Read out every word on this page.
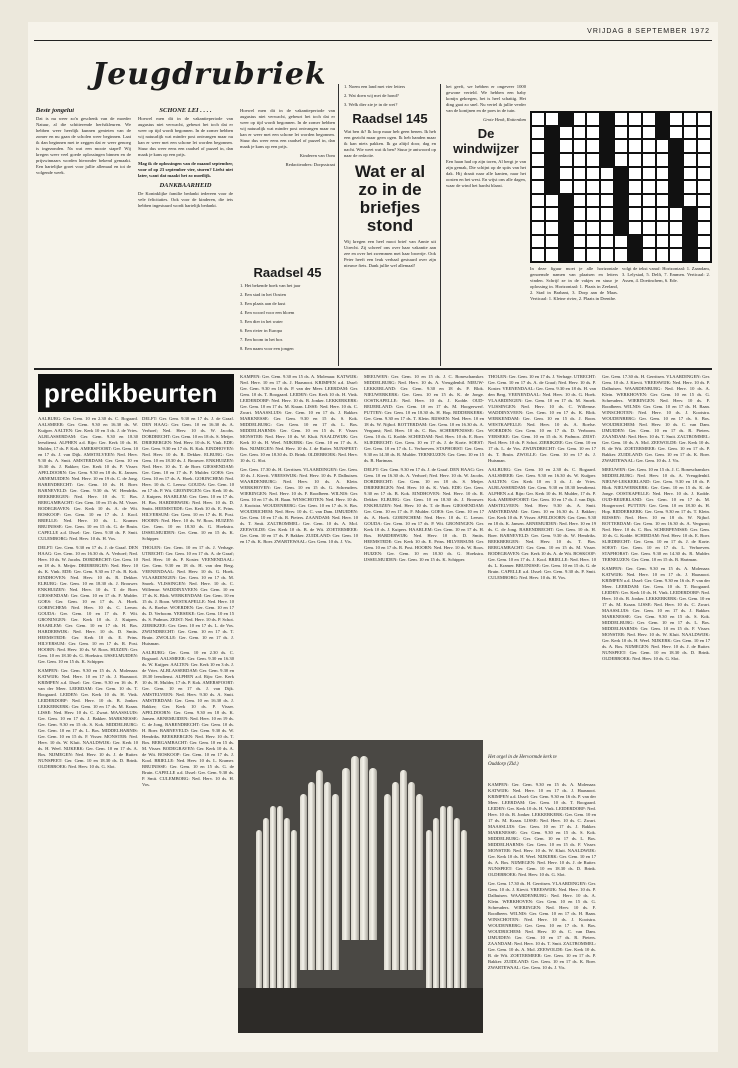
VRIJDAG 8 SEPTEMBER 1972
Jeugdrubriek
Beste jongelui

Dat is nu weer zo'n geschenk van de moeder Natuur, al die schitterende herfstkleuren. We hebben weer heerlijk kunnen genieten van de zomer en nu gaan de scholen weer beginnen. Laat ik dan beginnen met te zeggen dat er weer genoeg is ingezonden. Na wat een mooie stapel! Wij kregen weer veel goede oplossingen binnen en de prijswinnaars worden hieronder bekend gemaakt. Een hartelijke groet voor jullie allemaal en tot de volgende week.

SCHONE LEI . . . .

Hoewel men dit in de vakantieperiode van augustus niet verwacht, gebeurt het toch dat er weer op tijd wordt begonnen. In de zomer hebben wij natuurlijk wat minder post ontvangen maar nu kan er weer met een schone lei worden begonnen. Stuur dus weer eens een raadsel of puzzel in, dan maak je kans op een prijs.

Mag ik de oplossingen van de maand september, voor of op 23 september vier, sturen? Liefst niet later, want dat maakt het zo moeilijk.

DANKBAARHEID

De Koninklijke familie bedankt iedereen voor de vele felicitaties. Ook voor de kinderen, die iets hebben ingestuurd wordt hartelijk bedankt.

Hoewel men dit in de vakantieperiode van augustus niet verwacht, gebeurt het toch dat er weer op tijd wordt begonnen. In de zomer hebben wij natuurlijk wat minder post ontvangen maar nu kan er weer met een schone lei worden begonnen. Stuur dus weer eens een raadsel of puzzel in, dan maak je kans op een prijs.

Kinderen van Oom

Redactieadres: Dorpsstraat

Raadsel 45

1. Het bekende boek van het jaar

2. Een stad in het Oosten

3. Een plaats aan de kust

4. Een woord voor een bloem

5. Een dier in het water

6. Een rivier in Europa

7. Een boom in het bos

8. Een naam voor een jongen

1. Noem een land met vier letters

2. Wat doen wij met de hond?

3. Welk dier zie je in de wei?

Raadsel 145

Wat ben ik? Ik loop maar heb geen benen. Ik heb een gezicht maar geen ogen. Ik heb handen maar ik kan niets pakken. Ik ga altijd door, dag en nacht. Wie weet wat ik ben? Stuur je antwoord op naar de redactie.

Wat er al zo in de briefjes stond

Wij kregen een heel mooi brief van Annie uit Utrecht. Zij schreef ons over haar vakantie aan zee en over het zwemmen met haar broertje. Ook Peter heeft een leuk verhaal gestuurd over zijn nieuwe fiets. Dank jullie wel allemaal!

het geeft, we hebben er ongeveer 1000 gewone verteld. We hebben een baby konijn gekregen, het is heel schattig. Het ding gaat zo snel. Nu vertel ik jullie verder van de konijnen en de poes in de tuin.

Grote Henk, Rotterdam

De windwijzer

Een haan had op zijn toren, Al bergt je van zijn gemak, Die schijnt op de spits van het dak. Hij draait naar alle kanten, naar het oosten en het west. En wijst ons alle dagen, waar de wind het hardst blaast.

In deze figuur moet je alle horizontale genoemde namen van plaatsen en letters vinden. Schrijf ze in de vakjes en stuur je oplossing in. Horizontaal: 1. Plaats in Zeeland, 2. Stad in Brabant, 3. Dorp aan de Maas. Verticaal: 1. Kleine rivier, 2. Plaats in Drenthe.

volgt de tekst vanaf: Horizontaal: 1. Zaandam, 3. Lelystad, 5. Delft, 7. Emmen. Verticaal: 2. Assen, 4. Doetinchem, 6. Ede.

predikbeurten

AALBURG: Ger. Gem. 10 en 2.30 ds. C. Bogaard. AALSMEER: Ger. Gem. 9.30 en 16.30 ds. W. Kuijper. AALTEN: Ger. Kerk 10 en 3 ds. J. de Vries. ALBLASSERDAM: Ger. Gem. 9.30 en 18.30 leesdienst. ALPHEN a.d. Rijn: Ger. Kerk 10 ds. H. Mulder, 17 ds. P. Kok. AMERSFOORT: Ger. Gem. 10 en 17 ds. J. van Dijk. AMSTELVEEN: Ned. Herv. 9.30 ds. A. Smit. AMSTERDAM: Ger. Gem. 10 en 16.30 ds. J. Bakker; Ger. Kerk 10 ds. P. Visser. APELDOORN: Ger. Gem. 9.30 en 18 ds. K. Jansen. ARNEMUIDEN: Ned. Herv. 10 en 19 ds. C. de Jong. BARENDRECHT: Ger. Gem. 10 ds. H. Boer. BARNEVELD: Ger. Gem. 9.30 ds. W. Hendriks. BEEKBERGEN: Ned. Herv. 10 ds. T. Bos. BERGAMBACHT: Ger. Gem. 10 en 15 ds. M. Visser. BODEGRAVEN: Ger. Kerk 10 ds. A. de Wit. BOSKOOP: Ger. Gem. 10 en 17 ds. J. Kool. BRIELLE: Ned. Herv. 10 ds. L. Kramer. BRUINISSE: Ger. Gem. 10 en 15 ds. G. de Bruin. CAPELLE a.d. IJssel: Ger. Gem. 9.30 ds. P. Smit. CULEMBORG: Ned. Herv. 10 ds. H. Vos.

DELFT: Ger. Gem. 9.30 en 17 ds. J. de Graaf. DEN HAAG: Ger. Gem. 10 en 16.30 ds. A. Verhoef; Ned. Herv. 10 ds. W. Jacobs. DORDRECHT: Ger. Gem. 10 en 18 ds. S. Meijer. DRIEBERGEN: Ned. Herv. 10 ds. K. Vink. EDE: Ger. Gem. 9.30 en 17 ds. B. Kok. EINDHOVEN: Ned. Herv. 10 ds. R. Dekker. ELBURG: Ger. Gem. 10 en 18.30 ds. J. Brouwer. ENKHUIZEN: Ned. Herv. 10 ds. T. de Boer. GIESSENDAM: Ger. Gem. 10 en 17 ds. F. Mulder. GOES: Ger. Gem. 10 en 17 ds. A. Hoek. GORINCHEM: Ned. Herv. 10 ds. C. Leeuw. GOUDA: Ger. Gem. 10 en 17 ds. P. Wit. GRONINGEN: Ger. Kerk 10 ds. J. Kuipers. HAARLEM: Ger. Gem. 10 en 17 ds. H. Bos. HARDERWIJK: Ned. Herv. 10 ds. D. Smits. HEEMSTEDE: Ger. Kerk 10 ds. E. Prins. HILVERSUM: Ger. Gem. 10 en 17 ds. R. Post. HOORN: Ned. Herv. 10 ds. W. Roos. HUIZEN: Ger. Gem. 10 en 18.30 ds. G. Hoekstra. IJSSELMUIDEN: Ger. Gem. 10 en 15 ds. K. Schipper.

KAMPEN: Ger. Gem. 9.30 en 15 ds. A. Molenaar. KATWIJK: Ned. Herv. 10 en 17 ds. J. Haasnoot. KRIMPEN a.d. IJssel: Ger. Gem. 9.30 en 16 ds. P. van der Meer. LEERDAM: Ger. Gem. 10 ds. T. Boogaard. LEIDEN: Ger. Kerk 10 ds. H. Vink. LEIDERDORP: Ned. Herv. 10 ds. B. Jonker. LEKKERKERK: Ger. Gem. 10 en 17 ds. M. Kraan. LISSE: Ned. Herv. 10 ds. C. Zwart. MAASSLUIS: Ger. Gem. 10 en 17 ds. J. Bakker. MARKNESSE: Ger. Gem. 9.30 en 15 ds. S. Kok. MIDDELBURG: Ger. Gem. 10 en 17 ds. L. Bos. MIDDELHARNIS: Ger. Gem. 10 en 15 ds. F. Visser. MONSTER: Ned. Herv. 10 ds. W. Kluit. NAALDWIJK: Ger. Kerk 10 ds. H. Weel. NIJKERK: Ger. Gem. 10 en 17 ds. A. Bos. NIJMEGEN: Ned. Herv. 10 ds. J. de Ruiter. NUNSPEET: Ger. Gem. 10 en 18.30 ds. D. Brink. OLDEBROEK: Ned. Herv. 10 ds. G. Slot.

DELFT: Ger. Gem. 9.30 en 17 ds. J. de Graaf. DEN HAAG: Ger. Gem. 10 en 16.30 ds. A. Verhoef; Ned. Herv. 10 ds. W. Jacobs. DORDRECHT: Ger. Gem. 10 en 18 ds. S. Meijer. DRIEBERGEN: Ned. Herv. 10 ds. K. Vink. EDE: Ger. Gem. 9.30 en 17 ds. B. Kok. EINDHOVEN: Ned. Herv. 10 ds. R. Dekker. ELBURG: Ger. Gem. 10 en 18.30 ds. J. Brouwer. ENKHUIZEN: Ned. Herv. 10 ds. T. de Boer. GIESSENDAM: Ger. Gem. 10 en 17 ds. F. Mulder. GOES: Ger. Gem. 10 en 17 ds. A. Hoek. GORINCHEM: Ned. Herv. 10 ds. C. Leeuw. GOUDA: Ger. Gem. 10 en 17 ds. P. Wit. GRONINGEN: Ger. Kerk 10 ds. J. Kuipers. HAARLEM: Ger. Gem. 10 en 17 ds. H. Bos. HARDERWIJK: Ned. Herv. 10 ds. D. Smits. HEEMSTEDE: Ger. Kerk 10 ds. E. Prins. HILVERSUM: Ger. Gem. 10 en 17 ds. R. Post. HOORN: Ned. Herv. 10 ds. W. Roos. HUIZEN: Ger. Gem. 10 en 18.30 ds. G. Hoekstra. IJSSELMUIDEN: Ger. Gem. 10 en 15 ds. K. Schipper.

THOLEN: Ger. Gem. 10 en 17 ds. J. Verhage. UTRECHT: Ger. Gem. 10 en 17 ds. A. de Graaf; Ned. Herv. 10 ds. P. Koster. VEENENDAAL: Ger. Gem. 9.30 en 18 ds. H. van den Berg. VEENENDAAL: Ned. Herv. 10 ds. G. Hoek. VLAARDINGEN: Ger. Gem. 10 en 17 ds. M. Snoek. VLISSINGEN: Ned. Herv. 10 ds. C. Willemse. WADDINXVEEN: Ger. Gem. 10 en 17 ds. K. Blok. WERKENDAM: Ger. Gem. 10 en 15 ds. J. Boon. WESTKAPELLE: Ned. Herv. 10 ds. A. Roelse. WOERDEN: Ger. Gem. 10 en 17 ds. D. Verboom. YERSEKE: Ger. Gem. 10 en 15 ds. S. Padmos. ZEIST: Ned. Herv. 10 ds. P. Schot. ZIERIKZEE: Ger. Gem. 10 en 17 ds. L. de Vos. ZWIJNDRECHT: Ger. Gem. 10 en 17 ds. T. Bruin. ZWOLLE: Ger. Gem. 10 en 17 ds. J. Huisman.

AALBURG: Ger. Gem. 10 en 2.30 ds. C. Bogaard. AALSMEER: Ger. Gem. 9.30 en 16.30 ds. W. Kuijper. AALTEN: Ger. Kerk 10 en 3 ds. J. de Vries. ALBLASSERDAM: Ger. Gem. 9.30 en 18.30 leesdienst. ALPHEN a.d. Rijn: Ger. Kerk 10 ds. H. Mulder, 17 ds. P. Kok. AMERSFOORT: Ger. Gem. 10 en 17 ds. J. van Dijk. AMSTELVEEN: Ned. Herv. 9.30 ds. A. Smit. AMSTERDAM: Ger. Gem. 10 en 16.30 ds. J. Bakker; Ger. Kerk 10 ds. P. Visser. APELDOORN: Ger. Gem. 9.30 en 18 ds. K. Jansen. ARNEMUIDEN: Ned. Herv. 10 en 19 ds. C. de Jong. BARENDRECHT: Ger. Gem. 10 ds. H. Boer. BARNEVELD: Ger. Gem. 9.30 ds. W. Hendriks. BEEKBERGEN: Ned. Herv. 10 ds. T. Bos. BERGAMBACHT: Ger. Gem. 10 en 15 ds. M. Visser. BODEGRAVEN: Ger. Kerk 10 ds. A. de Wit. BOSKOOP: Ger. Gem. 10 en 17 ds. J. Kool. BRIELLE: Ned. Herv. 10 ds. L. Kramer. BRUINISSE: Ger. Gem. 10 en 15 ds. G. de Bruin. CAPELLE a.d. IJssel: Ger. Gem. 9.30 ds. P. Smit. CULEMBORG: Ned. Herv. 10 ds. H. Vos.

KAMPEN: Ger. Gem. 9.30 en 15 ds. A. Molenaar. KATWIJK: Ned. Herv. 10 en 17 ds. J. Haasnoot. KRIMPEN a.d. IJssel: Ger. Gem. 9.30 en 16 ds. P. van der Meer. LEERDAM: Ger. Gem. 10 ds. T. Boogaard. LEIDEN: Ger. Kerk 10 ds. H. Vink. LEIDERDORP: Ned. Herv. 10 ds. B. Jonker. LEKKERKERK: Ger. Gem. 10 en 17 ds. M. Kraan. LISSE: Ned. Herv. 10 ds. C. Zwart. MAASSLUIS: Ger. Gem. 10 en 17 ds. J. Bakker. MARKNESSE: Ger. Gem. 9.30 en 15 ds. S. Kok. MIDDELBURG: Ger. Gem. 10 en 17 ds. L. Bos. MIDDELHARNIS: Ger. Gem. 10 en 15 ds. F. Visser. MONSTER: Ned. Herv. 10 ds. W. Kluit. NAALDWIJK: Ger. Kerk 10 ds. H. Weel. NIJKERK: Ger. Gem. 10 en 17 ds. A. Bos. NIJMEGEN: Ned. Herv. 10 ds. J. de Ruiter. NUNSPEET: Ger. Gem. 10 en 18.30 ds. D. Brink. OLDEBROEK: Ned. Herv. 10 ds. G. Slot.

Ger. Gem. 17.30 ds. H. Gerritsen. VLAARDINGEN: Ger. Gem. 10 ds. J. Kievit. VREESWIJK: Ned. Herv. 10 ds. P. Dalhuisen. WAARDENBURG: Ned. Herv. 10 ds. A. Klein. WERKHOVEN: Ger. Gem. 10 en 15 ds. G. Schreuders. WIERINGEN: Ned. Herv. 10 ds. F. Roodbeen. WILNIS: Ger. Gem. 10 en 17 ds. H. Baan. WINSCHOTEN: Ned. Herv. 10 ds. J. Kooistra. WOUDENBERG: Ger. Gem. 10 en 17 ds. S. Bos. WOUDRICHEM: Ned. Herv. 10 ds. C. van Dam. IJMUIDEN: Ger. Gem. 10 en 17 ds. R. Pieters. ZAANDAM: Ned. Herv. 10 ds. T. Smit. ZALTBOMMEL: Ger. Gem. 10 ds. A. Mol. ZEEWOLDE: Ger. Kerk 10 ds. B. de Wit. ZOETERMEER: Ger. Gem. 10 en 17 ds. P. Bakker. ZUIDLAND: Ger. Gem. 10 en 17 ds. K. Boer. ZWARTEWAAL: Ger. Gem. 10 ds. J. Vis.

MEEUWEN: Ger. Gem. 10 en 15 ds. J. C. Boneschansker. MIDDELBURG: Ned. Herv. 10 ds. A. Vreugdenhil. NIEUW-LEKKERLAND: Ger. Gem. 9.30 en 18 ds. P. Blok. NIEUWERKERK: Ger. Gem. 10 en 15 ds. K. de Jonge. OOSTKAPELLE: Ned. Herv. 10 ds. J. Kodde. OUD-BEIJERLAND: Ger. Gem. 10 en 17 ds. M. Hoogerwerf. PUTTEN: Ger. Gem. 10 en 18.30 ds. H. Hop. RIDDERKERK: Ger. Gem. 9.30 en 17 ds. T. Klein. RIJSSEN: Ned. Herv. 10 en 18 ds. W. Nijhof. ROTTERDAM: Ger. Gem. 10 en 16.30 ds. A. Vergunst; Ned. Herv. 10 ds. C. Bos. SCHERPENISSE: Ger. Gem. 10 ds. G. Kodde. SCHIEDAM: Ned. Herv. 10 ds. E. Boer. SLIEDRECHT: Ger. Gem. 10 en 17 ds. J. de Korte. SOEST: Ger. Gem. 10 en 17 ds. L. Verhoeven. STAPHORST: Ger. Gem. 9.30 en 14.30 ds. R. Mulder. TERNEUZEN: Ger. Gem. 10 en 15 ds. B. Hartman.

DELFT: Ger. Gem. 9.30 en 17 ds. J. de Graaf. DEN HAAG: Ger. Gem. 10 en 16.30 ds. A. Verhoef; Ned. Herv. 10 ds. W. Jacobs. DORDRECHT: Ger. Gem. 10 en 18 ds. S. Meijer. DRIEBERGEN: Ned. Herv. 10 ds. K. Vink. EDE: Ger. Gem. 9.30 en 17 ds. B. Kok. EINDHOVEN: Ned. Herv. 10 ds. R. Dekker. ELBURG: Ger. Gem. 10 en 18.30 ds. J. Brouwer. ENKHUIZEN: Ned. Herv. 10 ds. T. de Boer. GIESSENDAM: Ger. Gem. 10 en 17 ds. F. Mulder. GOES: Ger. Gem. 10 en 17 ds. A. Hoek. GORINCHEM: Ned. Herv. 10 ds. C. Leeuw. GOUDA: Ger. Gem. 10 en 17 ds. P. Wit. GRONINGEN: Ger. Kerk 10 ds. J. Kuipers. HAARLEM: Ger. Gem. 10 en 17 ds. H. Bos. HARDERWIJK: Ned. Herv. 10 ds. D. Smits. HEEMSTEDE: Ger. Kerk 10 ds. E. Prins. HILVERSUM: Ger. Gem. 10 en 17 ds. R. Post. HOORN: Ned. Herv. 10 ds. W. Roos. HUIZEN: Ger. Gem. 10 en 18.30 ds. G. Hoekstra. IJSSELMUIDEN: Ger. Gem. 10 en 15 ds. K. Schipper.

THOLEN: Ger. Gem. 10 en 17 ds. J. Verhage. UTRECHT: Ger. Gem. 10 en 17 ds. A. de Graaf; Ned. Herv. 10 ds. P. Koster. VEENENDAAL: Ger. Gem. 9.30 en 18 ds. H. van den Berg. VEENENDAAL: Ned. Herv. 10 ds. G. Hoek. VLAARDINGEN: Ger. Gem. 10 en 17 ds. M. Snoek. VLISSINGEN: Ned. Herv. 10 ds. C. Willemse. WADDINXVEEN: Ger. Gem. 10 en 17 ds. K. Blok. WERKENDAM: Ger. Gem. 10 en 15 ds. J. Boon. WESTKAPELLE: Ned. Herv. 10 ds. A. Roelse. WOERDEN: Ger. Gem. 10 en 17 ds. D. Verboom. YERSEKE: Ger. Gem. 10 en 15 ds. S. Padmos. ZEIST: Ned. Herv. 10 ds. P. Schot. ZIERIKZEE: Ger. Gem. 10 en 17 ds. L. de Vos. ZWIJNDRECHT: Ger. Gem. 10 en 17 ds. T. Bruin. ZWOLLE: Ger. Gem. 10 en 17 ds. J. Huisman.

AALBURG: Ger. Gem. 10 en 2.30 ds. C. Bogaard. AALSMEER: Ger. Gem. 9.30 en 16.30 ds. W. Kuijper. AALTEN: Ger. Kerk 10 en 3 ds. J. de Vries. ALBLASSERDAM: Ger. Gem. 9.30 en 18.30 leesdienst. ALPHEN a.d. Rijn: Ger. Kerk 10 ds. H. Mulder, 17 ds. P. Kok. AMERSFOORT: Ger. Gem. 10 en 17 ds. J. van Dijk. AMSTELVEEN: Ned. Herv. 9.30 ds. A. Smit. AMSTERDAM: Ger. Gem. 10 en 16.30 ds. J. Bakker; Ger. Kerk 10 ds. P. Visser. APELDOORN: Ger. Gem. 9.30 en 18 ds. K. Jansen. ARNEMUIDEN: Ned. Herv. 10 en 19 ds. C. de Jong. BARENDRECHT: Ger. Gem. 10 ds. H. Boer. BARNEVELD: Ger. Gem. 9.30 ds. W. Hendriks. BEEKBERGEN: Ned. Herv. 10 ds. T. Bos. BERGAMBACHT: Ger. Gem. 10 en 15 ds. M. Visser. BODEGRAVEN: Ger. Kerk 10 ds. A. de Wit. BOSKOOP: Ger. Gem. 10 en 17 ds. J. Kool. BRIELLE: Ned. Herv. 10 ds. L. Kramer. BRUINISSE: Ger. Gem. 10 en 15 ds. G. de Bruin. CAPELLE a.d. IJssel: Ger. Gem. 9.30 ds. P. Smit. CULEMBORG: Ned. Herv. 10 ds. H. Vos.

Ger. Gem. 17.30 ds. H. Gerritsen. VLAARDINGEN: Ger. Gem. 10 ds. J. Kievit. VREESWIJK: Ned. Herv. 10 ds. P. Dalhuisen. WAARDENBURG: Ned. Herv. 10 ds. A. Klein. WERKHOVEN: Ger. Gem. 10 en 15 ds. G. Schreuders. WIERINGEN: Ned. Herv. 10 ds. F. Roodbeen. WILNIS: Ger. Gem. 10 en 17 ds. H. Baan. WINSCHOTEN: Ned. Herv. 10 ds. J. Kooistra. WOUDENBERG: Ger. Gem. 10 en 17 ds. S. Bos. WOUDRICHEM: Ned. Herv. 10 ds. C. van Dam. IJMUIDEN: Ger. Gem. 10 en 17 ds. R. Pieters. ZAANDAM: Ned. Herv. 10 ds. T. Smit. ZALTBOMMEL: Ger. Gem. 10 ds. A. Mol. ZEEWOLDE: Ger. Kerk 10 ds. B. de Wit. ZOETERMEER: Ger. Gem. 10 en 17 ds. P. Bakker. ZUIDLAND: Ger. Gem. 10 en 17 ds. K. Boer. ZWARTEWAAL: Ger. Gem. 10 ds. J. Vis.

MEEUWEN: Ger. Gem. 10 en 15 ds. J. C. Boneschansker. MIDDELBURG: Ned. Herv. 10 ds. A. Vreugdenhil. NIEUW-LEKKERLAND: Ger. Gem. 9.30 en 18 ds. P. Blok. NIEUWERKERK: Ger. Gem. 10 en 15 ds. K. de Jonge. OOSTKAPELLE: Ned. Herv. 10 ds. J. Kodde. OUD-BEIJERLAND: Ger. Gem. 10 en 17 ds. M. Hoogerwerf. PUTTEN: Ger. Gem. 10 en 18.30 ds. H. Hop. RIDDERKERK: Ger. Gem. 9.30 en 17 ds. T. Klein. RIJSSEN: Ned. Herv. 10 en 18 ds. W. Nijhof. ROTTERDAM: Ger. Gem. 10 en 16.30 ds. A. Vergunst; Ned. Herv. 10 ds. C. Bos. SCHERPENISSE: Ger. Gem. 10 ds. G. Kodde. SCHIEDAM: Ned. Herv. 10 ds. E. Boer. SLIEDRECHT: Ger. Gem. 10 en 17 ds. J. de Korte. SOEST: Ger. Gem. 10 en 17 ds. L. Verhoeven. STAPHORST: Ger. Gem. 9.30 en 14.30 ds. R. Mulder. TERNEUZEN: Ger. Gem. 10 en 15 ds. B. Hartman.

KAMPEN: Ger. Gem. 9.30 en 15 ds. A. Molenaar. KATWIJK: Ned. Herv. 10 en 17 ds. J. Haasnoot. KRIMPEN a.d. IJssel: Ger. Gem. 9.30 en 16 ds. P. van der Meer. LEERDAM: Ger. Gem. 10 ds. T. Boogaard. LEIDEN: Ger. Kerk 10 ds. H. Vink. LEIDERDORP: Ned. Herv. 10 ds. B. Jonker. LEKKERKERK: Ger. Gem. 10 en 17 ds. M. Kraan. LISSE: Ned. Herv. 10 ds. C. Zwart. MAASSLUIS: Ger. Gem. 10 en 17 ds. J. Bakker. MARKNESSE: Ger. Gem. 9.30 en 15 ds. S. Kok. MIDDELBURG: Ger. Gem. 10 en 17 ds. L. Bos. MIDDELHARNIS: Ger. Gem. 10 en 15 ds. F. Visser. MONSTER: Ned. Herv. 10 ds. W. Kluit. NAALDWIJK: Ger. Kerk 10 ds. H. Weel. NIJKERK: Ger. Gem. 10 en 17 ds. A. Bos. NIJMEGEN: Ned. Herv. 10 ds. J. de Ruiter. NUNSPEET: Ger. Gem. 10 en 18.30 ds. D. Brink. OLDEBROEK: Ned. Herv. 10 ds. G. Slot.

KAMPEN: Ger. Gem. 9.30 en 15 ds. A. Molenaar. KATWIJK: Ned. Herv. 10 en 17 ds. J. Haasnoot. KRIMPEN a.d. IJssel: Ger. Gem. 9.30 en 16 ds. P. van der Meer. LEERDAM: Ger. Gem. 10 ds. T. Boogaard. LEIDEN: Ger. Kerk 10 ds. H. Vink. LEIDERDORP: Ned. Herv. 10 ds. B. Jonker. LEKKERKERK: Ger. Gem. 10 en 17 ds. M. Kraan. LISSE: Ned. Herv. 10 ds. C. Zwart. MAASSLUIS: Ger. Gem. 10 en 17 ds. J. Bakker. MARKNESSE: Ger. Gem. 9.30 en 15 ds. S. Kok. MIDDELBURG: Ger. Gem. 10 en 17 ds. L. Bos. MIDDELHARNIS: Ger. Gem. 10 en 15 ds. F. Visser. MONSTER: Ned. Herv. 10 ds. W. Kluit. NAALDWIJK: Ger. Kerk 10 ds. H. Weel. NIJKERK: Ger. Gem. 10 en 17 ds. A. Bos. NIJMEGEN: Ned. Herv. 10 ds. J. de Ruiter. NUNSPEET: Ger. Gem. 10 en 18.30 ds. D. Brink. OLDEBROEK: Ned. Herv. 10 ds. G. Slot.

Ger. Gem. 17.30 ds. H. Gerritsen. VLAARDINGEN: Ger. Gem. 10 ds. J. Kievit. VREESWIJK: Ned. Herv. 10 ds. P. Dalhuisen. WAARDENBURG: Ned. Herv. 10 ds. A. Klein. WERKHOVEN: Ger. Gem. 10 en 15 ds. G. Schreuders. WIERINGEN: Ned. Herv. 10 ds. F. Roodbeen. WILNIS: Ger. Gem. 10 en 17 ds. H. Baan. WINSCHOTEN: Ned. Herv. 10 ds. J. Kooistra. WOUDENBERG: Ger. Gem. 10 en 17 ds. S. Bos. WOUDRICHEM: Ned. Herv. 10 ds. C. van Dam. IJMUIDEN: Ger. Gem. 10 en 17 ds. R. Pieters. ZAANDAM: Ned. Herv. 10 ds. T. Smit. ZALTBOMMEL: Ger. Gem. 10 ds. A. Mol. ZEEWOLDE: Ger. Kerk 10 ds. B. de Wit. ZOETERMEER: Ger. Gem. 10 en 17 ds. P. Bakker. ZUIDLAND: Ger. Gem. 10 en 17 ds. K. Boer. ZWARTEWAAL: Ger. Gem. 10 ds. J. Vis.

Het orgel in de Hervormde kerk te Ouddorp (Zld.)
